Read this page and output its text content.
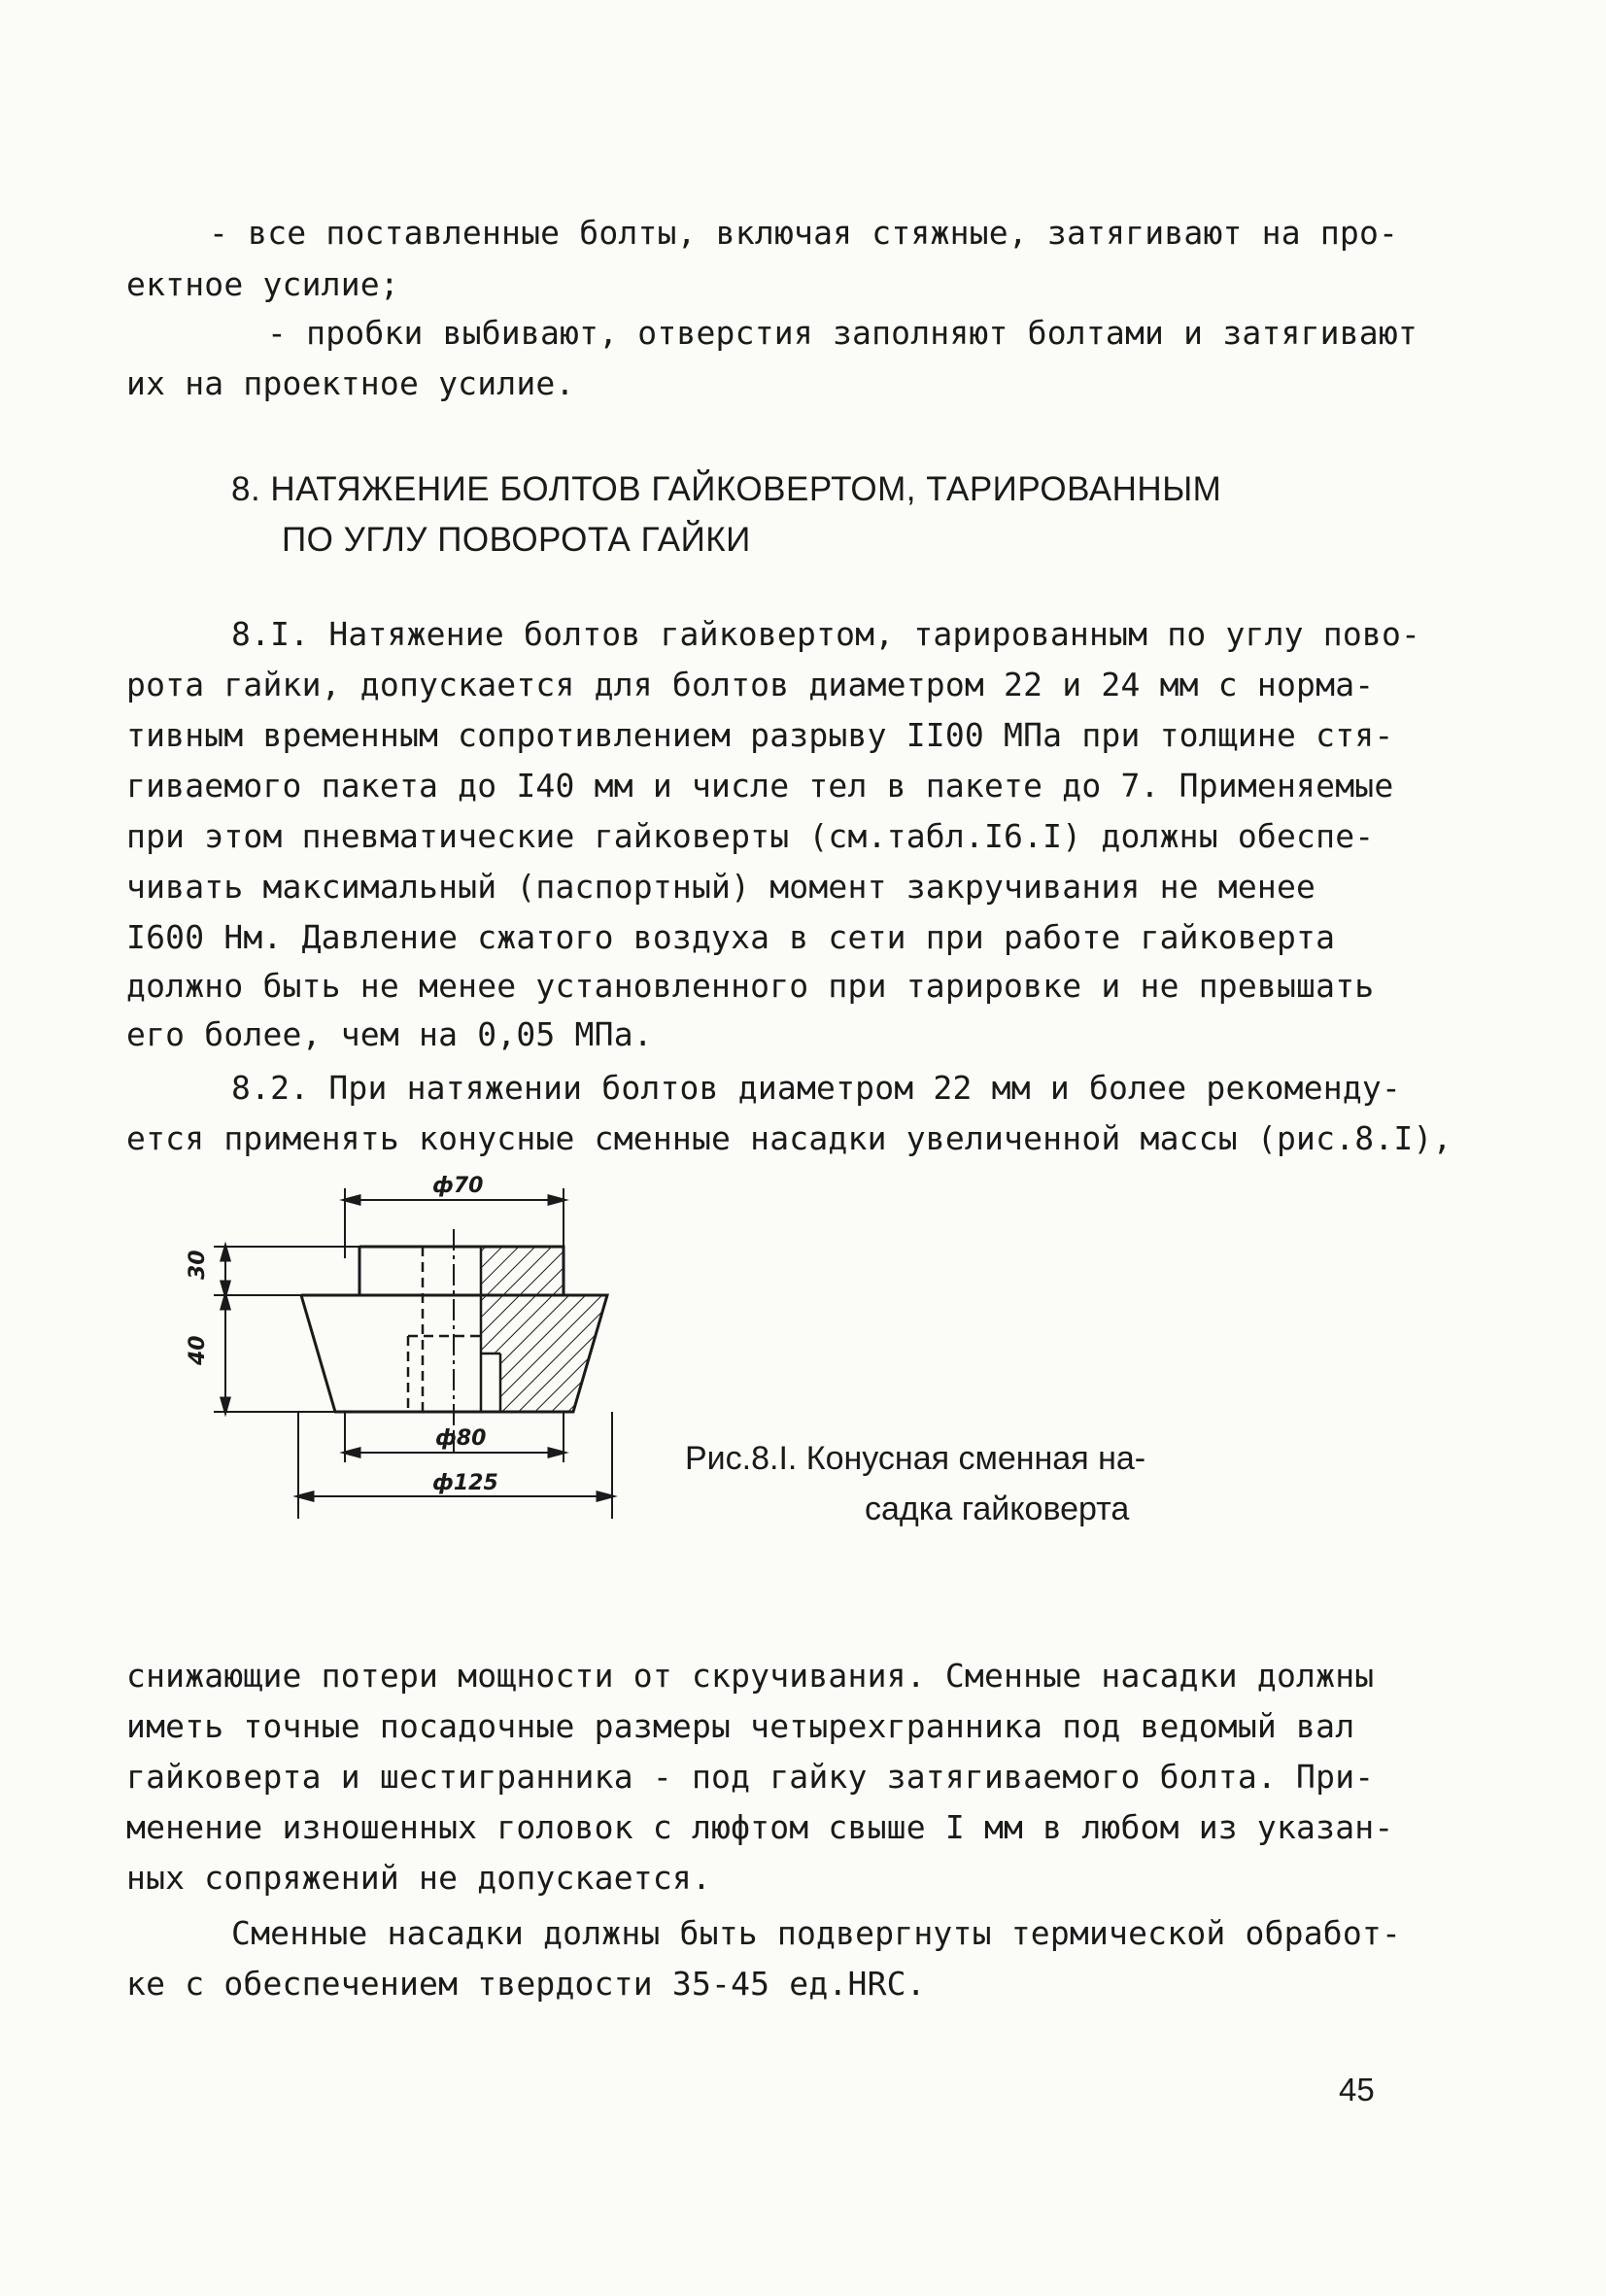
- все поставленные болты, включая стяжные, затягивают на про-
ектное усилие;
- пробки выбивают, отверстия заполняют болтами и затягивают
их на проектное усилие.
8. НАТЯЖЕНИЕ БОЛТОВ ГАЙКОВЕРТОМ, ТАРИРОВАННЫМ
ПО УГЛУ ПОВОРОТА ГАЙКИ
8.I. Натяжение болтов гайковертом, тарированным по углу пово-
рота гайки, допускается для болтов диаметром 22 и 24 мм с норма-
тивным временным сопротивлением разрыву II00 МПа при толщине стя-
гиваемого пакета до I40 мм и числе тел в пакете до 7. Применяемые
при этом пневматические гайковерты (см.табл.I6.I) должны обеспе-
чивать максимальный (паспортный) момент закручивания не менее
I600 Нм. Давление сжатого воздуха в сети при работе гайковерта
должно быть не менее установленного при тарировке и не превышать
его более, чем на 0,05 МПа.
8.2. При натяжении болтов диаметром 22 мм и более рекоменду-
ется применять конусные сменные насадки увеличенной массы (рис.8.I),
ф70
ф80
ф125
30
40
Рис.8.I. Конусная сменная на-
садка гайковерта
снижающие потери мощности от скручивания. Сменные насадки должны
иметь точные посадочные размеры четырехгранника под ведомый вал
гайковерта и шестигранника - под гайку затягиваемого болта. При-
менение изношенных головок с люфтом свыше I мм в любом из указан-
ных сопряжений не допускается.
Сменные насадки должны быть подвергнуты термической обработ-
ке с обеспечением твердости 35-45 ед.HRC.
45
